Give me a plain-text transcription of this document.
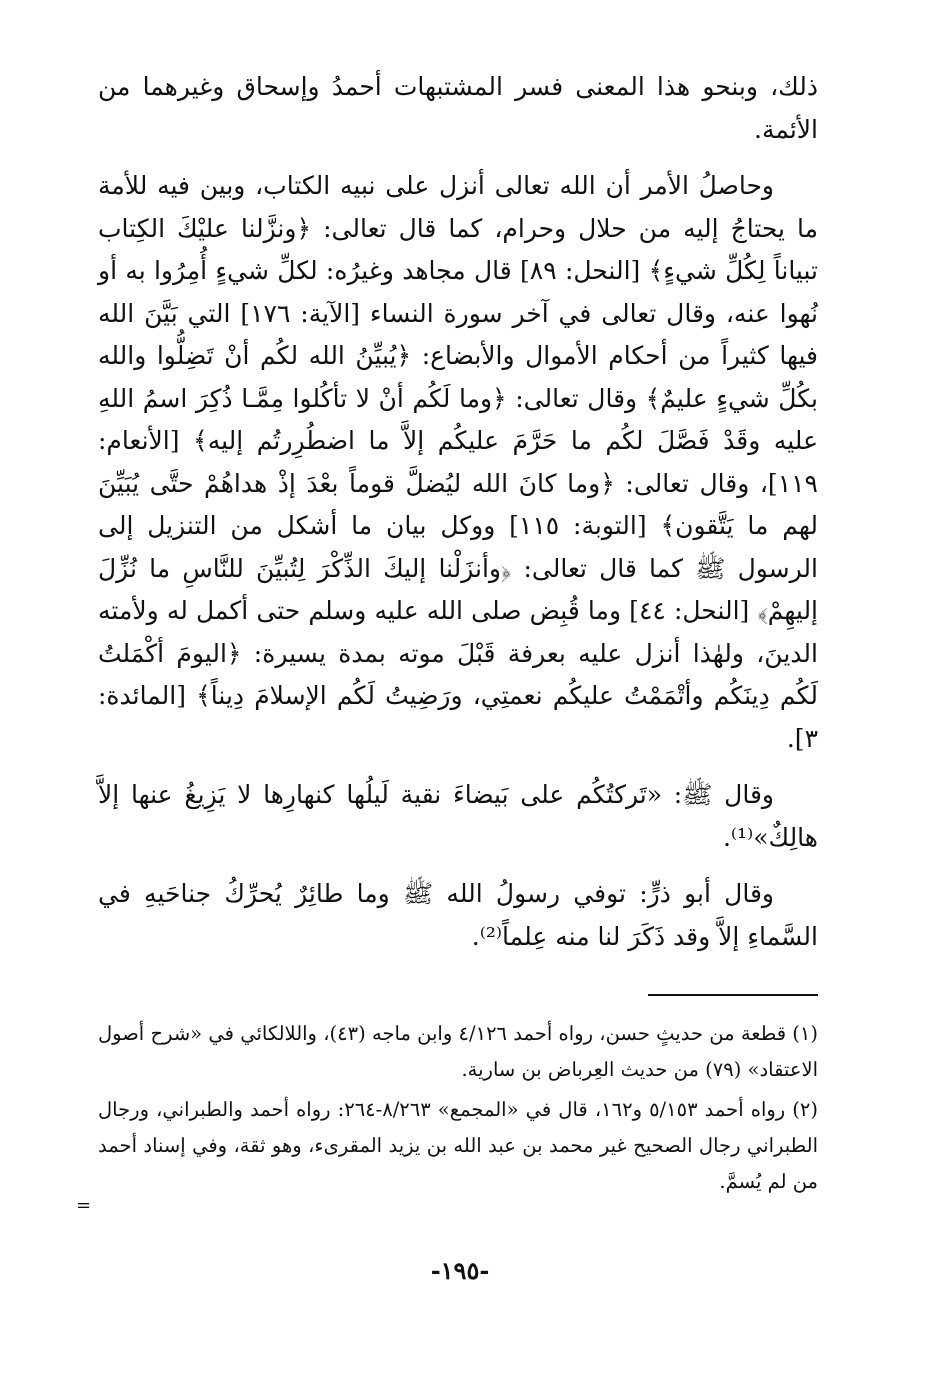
ذلك، وبنحو هذا المعنى فسر المشتبهات أحمدُ وإسحاق وغيرهما من الأئمة.

وحاصلُ الأمر أن الله تعالى أنزل على نبيه الكتاب، وبين فيه للأمة ما يحتاجُ إليه من حلال وحرام، كما قال تعالى: ﴿ونزَّلنا عليْكَ الكِتاب تبياناً لِكُلِّ شيءٍ﴾ [النحل: ٨٩] قال مجاهد وغيرُه: لكلِّ شيءٍ أُمِرُوا به أو نُهوا عنه، وقال تعالى في آخر سورة النساء [الآية: ١٧٦] التي بَيَّنَ الله فيها كثيراً من أحكام الأموال والأبضاع: ﴿يُبيِّنُ الله لكُم أنْ تَضِلُّوا والله بكُلِّ شيءٍ عليمٌ﴾ وقال تعالى: ﴿وما لَكُم أنْ لا تأكُلوا مِمَّـا ذُكِرَ اسمُ اللهِ عليه وقَدْ فَصَّلَ لكُم ما حَرَّمَ عليكُم إلاَّ ما اضطُرِرتُم إليه﴾ [الأنعام: ١١٩]، وقال تعالى: ﴿وما كانَ الله ليُضلَّ قوماً بعْدَ إذْ هداهُمْ حتَّى يُبَيِّنَ لهم ما يَتَّقون﴾ [التوبة: ١١٥] ووكل بيان ما أشكل من التنزيل إلى الرسول ﷺ كما قال تعالى: ﴿وأنزَلْنا إليكَ الذِّكْرَ لِتُبيِّنَ للنَّاسِ ما نُزِّلَ إليهِمْ﴾ [النحل: ٤٤] وما قُبِض صلى الله عليه وسلم حتى أكمل له ولأمته الدينَ، ولهٰذا أنزل عليه بعرفة قَبْلَ موته بمدة يسيرة: ﴿اليومَ أكْمَلتُ لَكُم دِينَكُم وأتْمَمْتُ عليكُم نعمتِي، ورَضِيتُ لَكُم الإسلامَ دِيناً﴾ [المائدة: ٣].

وقال ﷺ: «تَركتُكُم على بَيضاءَ نقية لَيلُها كنهارِها لا يَزِيغُ عنها إلاَّ هالِكٌ»⁽¹⁾.

وقال أبو ذرٍّ: توفي رسولُ الله ﷺ وما طائِرٌ يُحرِّكُ جناحَيهِ في السَّماءِ إلاَّ وقد ذَكَرَ لنا منه عِلماً⁽²⁾.

(١) قطعة من حديثٍ حسن، رواه أحمد ٤/١٢٦ وابن ماجه (٤٣)، واللالكائي في «شرح أصول الاعتقاد» (٧٩) من حديث العِرباض بن سارية.

(٢) رواه أحمد ٥/١٥٣ و١٦٢، قال في «المجمع» ٨/٢٦٣-٢٦٤: رواه أحمد والطبراني، ورجال الطبراني رجال الصحيح غير محمد بن عبد الله بن يزيد المقرىء، وهو ثقة، وفي إسناد أحمد من لم يُسمَّ.

=
-١٩٥-
